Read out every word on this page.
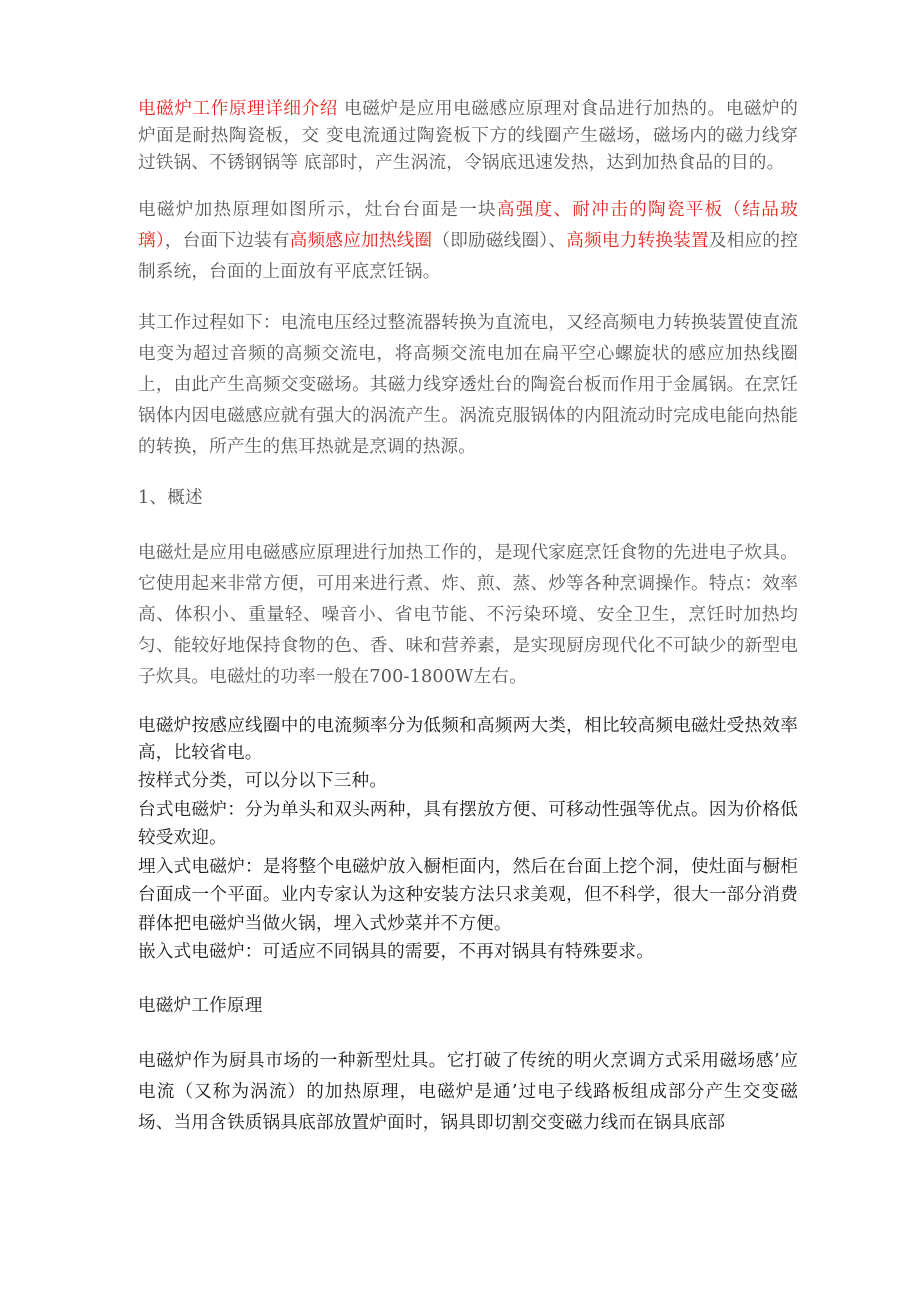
电磁炉工作原理详细介绍 电磁炉是应用电磁感应原理对食品进行加热的。电磁炉的炉面是耐热陶瓷板，交 变电流通过陶瓷板下方的线圈产生磁场，磁场内的磁力线穿过铁锅、不锈钢锅等 底部时，产生涡流，令锅底迅速发热，达到加热食品的目的。

电磁炉加热原理如图所示，灶台台面是一块高强度、耐冲击的陶瓷平板（结品玻璃），台面下边装有高频感应加热线圈（即励磁线圈）、高频电力转换装置及相应的控制系统，台面的上面放有平底烹饪锅。

其工作过程如下：电流电压经过整流器转换为直流电，又经高频电力转换装置使直流电变为超过音频的高频交流电，将高频交流电加在扁平空心螺旋状的感应加热线圈上，由此产生高频交变磁场。其磁力线穿透灶台的陶瓷台板而作用于金属锅。在烹饪锅体内因电磁感应就有强大的涡流产生。涡流克服锅体的内阻流动时完成电能向热能的转换，所产生的焦耳热就是烹调的热源。

1、概述

电磁灶是应用电磁感应原理进行加热工作的，是现代家庭烹饪食物的先进电子炊具。它使用起来非常方便，可用来进行煮、炸、煎、蒸、炒等各种烹调操作。特点：效率高、体积小、重量轻、噪音小、省电节能、不污染环境、安全卫生，烹饪时加热均匀、能较好地保持食物的色、香、味和营养素，是实现厨房现代化不可缺少的新型电子炊具。电磁灶的功率一般在700-1800W左右。

电磁炉按感应线圈中的电流频率分为低频和高频两大类，相比较高频电磁灶受热效率高，比较省电。

按样式分类，可以分以下三种。

台式电磁炉：分为单头和双头两种，具有摆放方便、可移动性强等优点。因为价格低较受欢迎。

埋入式电磁炉：是将整个电磁炉放入橱柜面内，然后在台面上挖个洞，使灶面与橱柜台面成一个平面。业内专家认为这种安装方法只求美观，但不科学，很大一部分消费群体把电磁炉当做火锅，埋入式炒菜并不方便。

嵌入式电磁炉：可适应不同锅具的需要，不再对锅具有特殊要求。

电磁炉工作原理

电磁炉作为厨具市场的一种新型灶具。它打破了传统的明火烹调方式采用磁场感’应电流（又称为涡流）的加热原理，电磁炉是通’过电子线路板组成部分产生交变磁场、当用含铁质锅具底部放置炉面时，锅具即切割交变磁力线而在锅具底部
